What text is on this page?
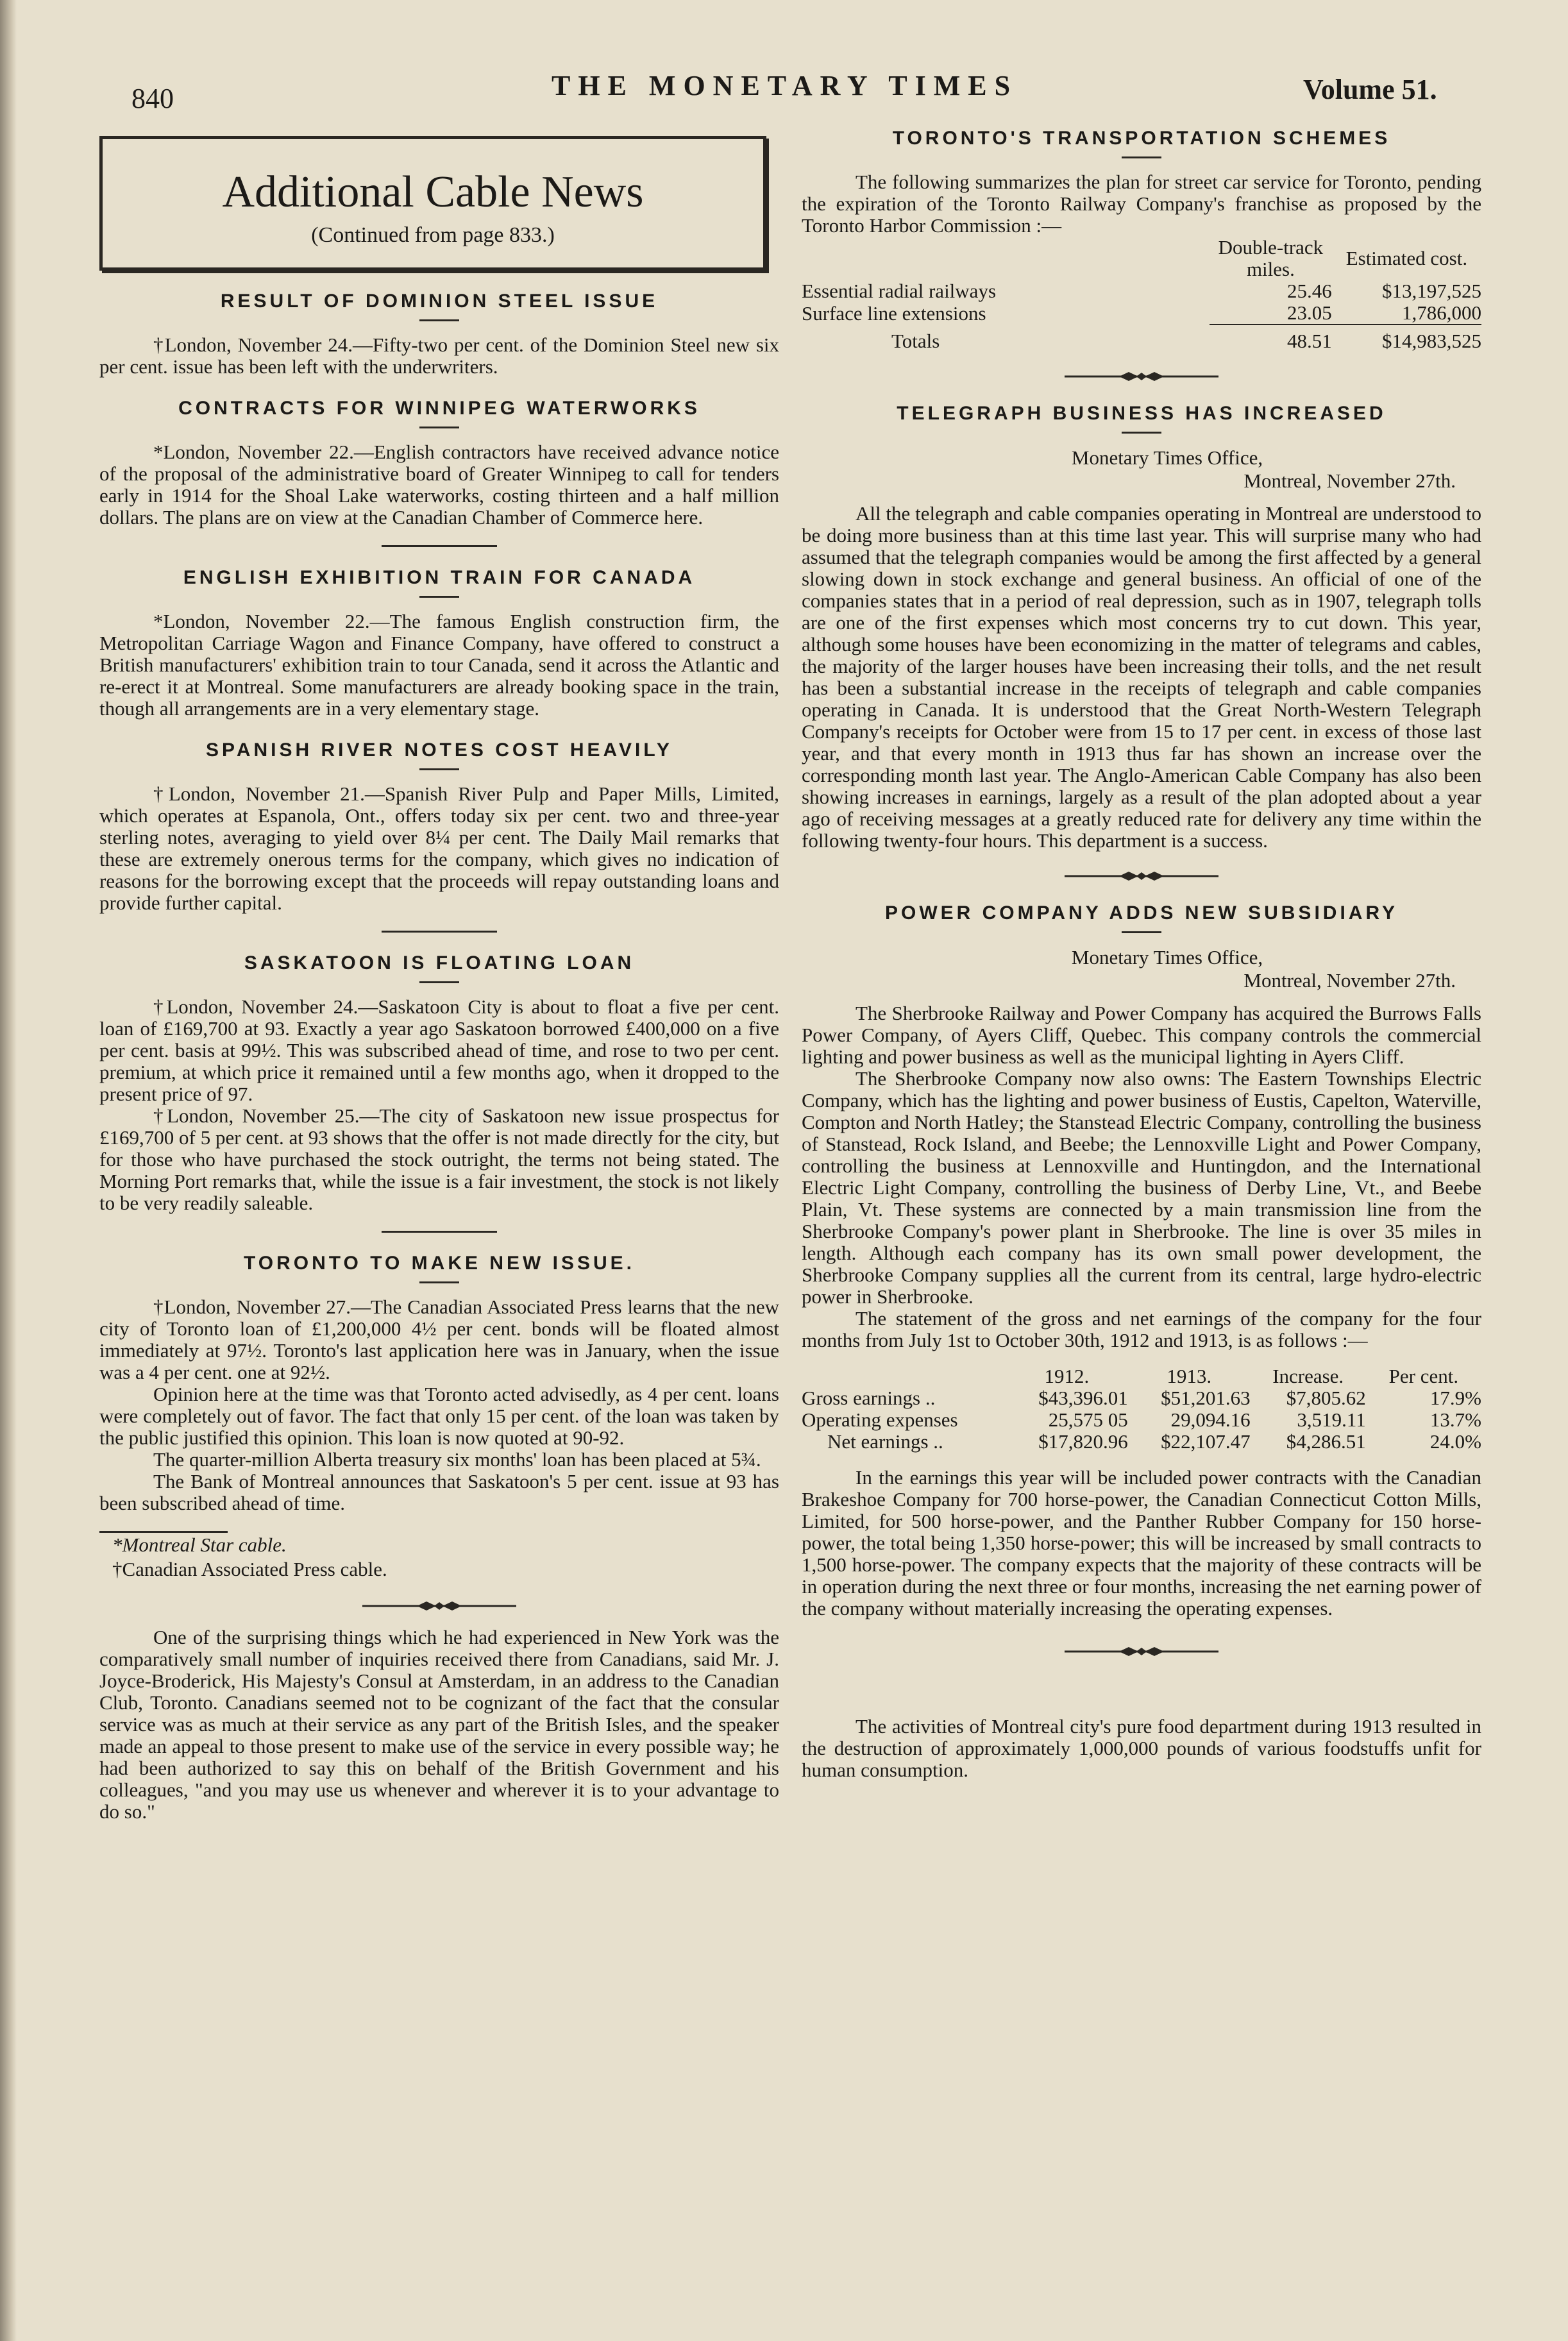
840	THE MONETARY TIMES	Volume 51.
Additional Cable News
(Continued from page 833.)
RESULT OF DOMINION STEEL ISSUE

†London, November 24.—Fifty-two per cent. of the Dominion Steel new six per cent. issue has been left with the underwriters.

CONTRACTS FOR WINNIPEG WATERWORKS

*London, November 22.—English contractors have received advance notice of the proposal of the administrative board of Greater Winnipeg to call for tenders early in 1914 for the Shoal Lake waterworks, costing thirteen and a half million dollars. The plans are on view at the Canadian Chamber of Commerce here.

ENGLISH EXHIBITION TRAIN FOR CANADA

*London, November 22.—The famous English construction firm, the Metropolitan Carriage Wagon and Finance Company, have offered to construct a British manufacturers' exhibition train to tour Canada, send it across the Atlantic and re-erect it at Montreal. Some manufacturers are already booking space in the train, though all arrangements are in a very elementary stage.

SPANISH RIVER NOTES COST HEAVILY

†London, November 21.—Spanish River Pulp and Paper Mills, Limited, which operates at Espanola, Ont., offers today six per cent. two and three-year sterling notes, averaging to yield over 8¼ per cent. The Daily Mail remarks that these are extremely onerous terms for the company, which gives no indication of reasons for the borrowing except that the proceeds will repay outstanding loans and provide further capital.

SASKATOON IS FLOATING LOAN

†London, November 24.—Saskatoon City is about to float a five per cent. loan of £169,700 at 93. Exactly a year ago Saskatoon borrowed £400,000 on a five per cent. basis at 99½. This was subscribed ahead of time, and rose to two per cent. premium, at which price it remained until a few months ago, when it dropped to the present price of 97.

†London, November 25.—The city of Saskatoon new issue prospectus for £169,700 of 5 per cent. at 93 shows that the offer is not made directly for the city, but for those who have purchased the stock outright, the terms not being stated. The Morning Port remarks that, while the issue is a fair investment, the stock is not likely to be very readily saleable.

TORONTO TO MAKE NEW ISSUE.

†London, November 27.—The Canadian Associated Press learns that the new city of Toronto loan of £1,200,000 4½ per cent. bonds will be floated almost immediately at 97½. Toronto's last application here was in January, when the issue was a 4 per cent. one at 92½.

Opinion here at the time was that Toronto acted advisedly, as 4 per cent. loans were completely out of favor. The fact that only 15 per cent. of the loan was taken by the public justified this opinion. This loan is now quoted at 90-92.

The quarter-million Alberta treasury six months' loan has been placed at 5¾.

The Bank of Montreal announces that Saskatoon's 5 per cent. issue at 93 has been subscribed ahead of time.

*Montreal Star cable.
†Canadian Associated Press cable.

One of the surprising things which he had experienced in New York was the comparatively small number of inquiries received there from Canadians, said Mr. J. Joyce-Broderick, His Majesty's Consul at Amsterdam, in an address to the Canadian Club, Toronto. Canadians seemed not to be cognizant of the fact that the consular service was as much at their service as any part of the British Isles, and the speaker made an appeal to those present to make use of the service in every possible way; he had been authorized to say this on behalf of the British Government and his colleagues, "and you may use us whenever and wherever it is to your advantage to do so."

TORONTO'S TRANSPORTATION SCHEMES

The following summarizes the plan for street car service for Toronto, pending the expiration of the Toronto Railway Company's franchise as proposed by the Toronto Harbor Commission :—

	Double-track miles.	Estimated cost.
Essential radial railways	25.46	$13,197,525
Surface line extensions	23.05	1,786,000
Totals	48.51	$14,983,525
TELEGRAPH BUSINESS HAS INCREASED
Monetary Times Office,
Montreal, November 27th.

All the telegraph and cable companies operating in Montreal are understood to be doing more business than at this time last year. This will surprise many who had assumed that the telegraph companies would be among the first affected by a general slowing down in stock exchange and general business. An official of one of the companies states that in a period of real depression, such as in 1907, telegraph tolls are one of the first expenses which most concerns try to cut down. This year, although some houses have been economizing in the matter of telegrams and cables, the majority of the larger houses have been increasing their tolls, and the net result has been a substantial increase in the receipts of telegraph and cable companies operating in Canada. It is understood that the Great North-Western Telegraph Company's receipts for October were from 15 to 17 per cent. in excess of those last year, and that every month in 1913 thus far has shown an increase over the corresponding month last year. The Anglo-American Cable Company has also been showing increases in earnings, largely as a result of the plan adopted about a year ago of receiving messages at a greatly reduced rate for delivery any time within the following twenty-four hours. This department is a success.

POWER COMPANY ADDS NEW SUBSIDIARY
Monetary Times Office,
Montreal, November 27th.

The Sherbrooke Railway and Power Company has acquired the Burrows Falls Power Company, of Ayers Cliff, Quebec. This company controls the commercial lighting and power business as well as the municipal lighting in Ayers Cliff.

The Sherbrooke Company now also owns: The Eastern Townships Electric Company, which has the lighting and power business of Eustis, Capelton, Waterville, Compton and North Hatley; the Stanstead Electric Company, controlling the business of Stanstead, Rock Island, and Beebe; the Lennoxville Light and Power Company, controlling the business at Lennoxville and Huntingdon, and the International Electric Light Company, controlling the business of Derby Line, Vt., and Beebe Plain, Vt. These systems are connected by a main transmission line from the Sherbrooke Company's power plant in Sherbrooke. The line is over 35 miles in length. Although each company has its own small power development, the Sherbrooke Company supplies all the current from its central, large hydro-electric power in Sherbrooke.

The statement of the gross and net earnings of the company for the four months from July 1st to October 30th, 1912 and 1913, is as follows :—

	1912.	1913.	Increase.	Per cent.
Gross earnings ..	$43,396.01	$51,201.63	$7,805.62	17.9%
Operating expenses	25,575 05	29,094.16	3,519.11	13.7%
Net earnings ..	$17,820.96	$22,107.47	$4,286.51	24.0%

In the earnings this year will be included power contracts with the Canadian Brakeshoe Company for 700 horse-power, the Canadian Connecticut Cotton Mills, Limited, for 500 horse-power, and the Panther Rubber Company for 150 horse-power, the total being 1,350 horse-power; this will be increased by small contracts to 1,500 horse-power. The company expects that the majority of these contracts will be in operation during the next three or four months, increasing the net earning power of the company without materially increasing the operating expenses.

The activities of Montreal city's pure food department during 1913 resulted in the destruction of approximately 1,000,000 pounds of various foodstuffs unfit for human consumption.
